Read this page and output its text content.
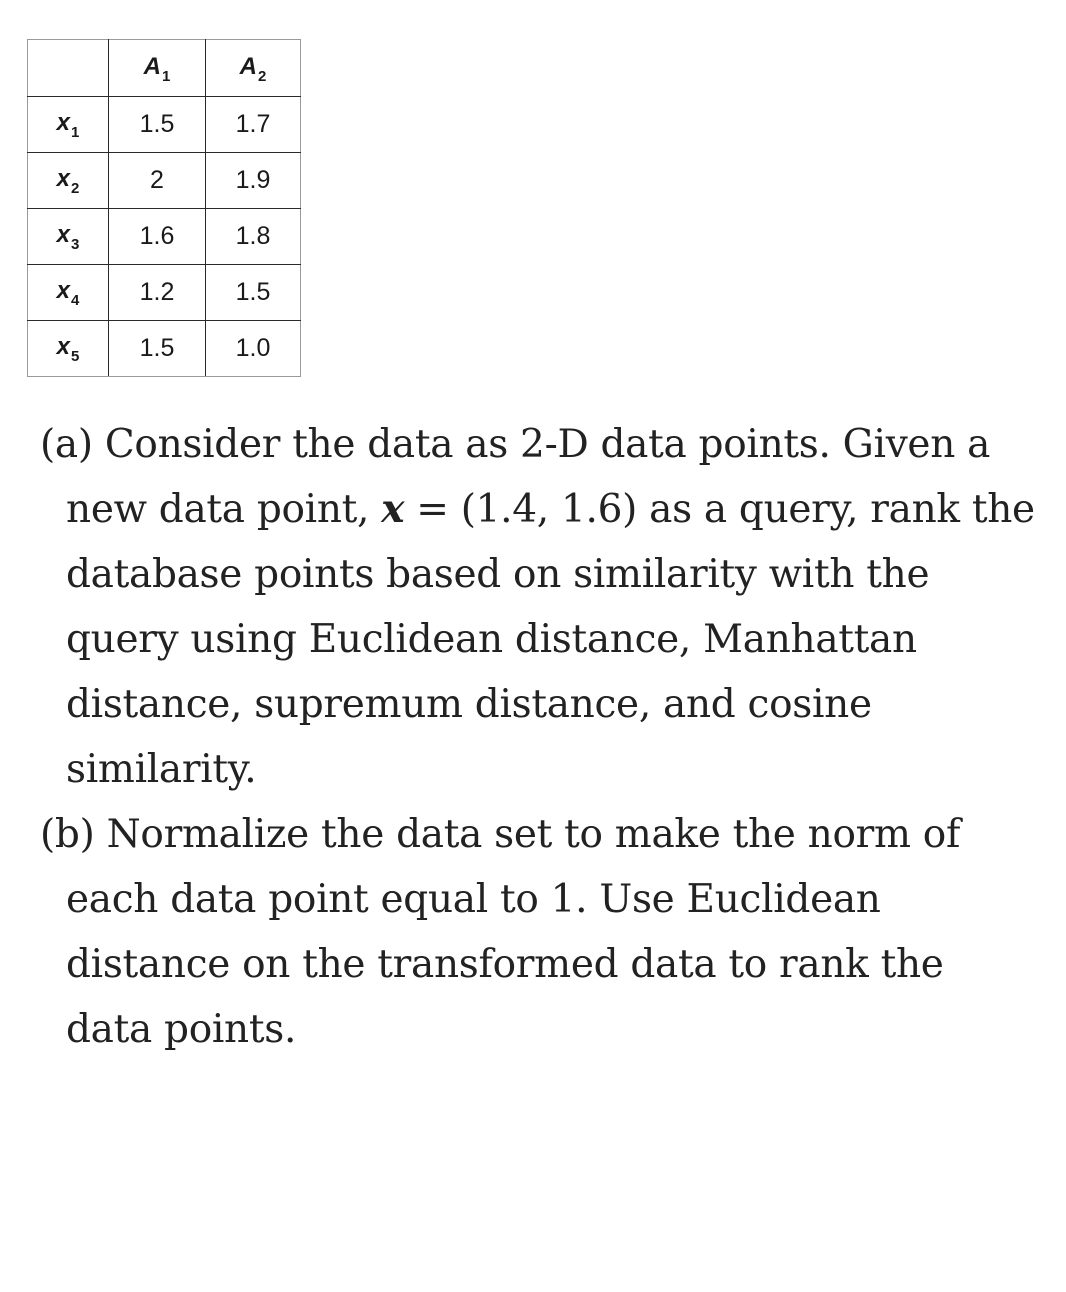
	$A_1$	$A_2$
$x_1$	1.5	1.7
$x_2$	2	1.9
$x_3$	1.6	1.8
$x_4$	1.2	1.5
$x_5$	1.5	1.0

(a) Consider the data as 2-D data points. Given a new data point, x = (1.4, 1.6) as a query, rank the database points based on similarity with the query using Euclidean distance, Manhattan distance, supremum distance, and cosine similarity.

(b) Normalize the data set to make the norm of each data point equal to 1. Use Euclidean distance on the transformed data to rank the data points.
